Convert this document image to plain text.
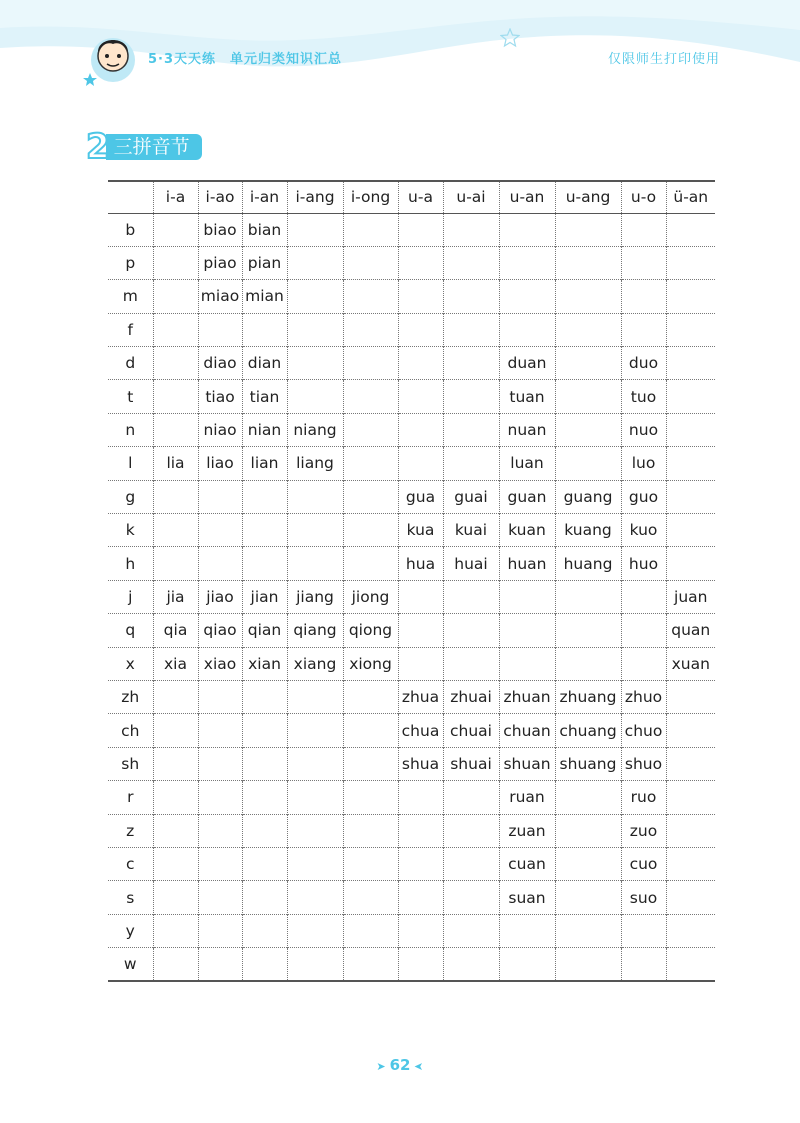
5·3天天练 单元归类知识汇总	仅限师生打印使用
2 三拼音节
	i-a	i-ao	i-an	i-ang	i-ong	u-a	u-ai	u-an	u-ang	u-o	ü-an
b		biao	bian								
p		piao	pian								
m		miao	mian								
f											
d		diao	dian					duan		duo	
t		tiao	tian					tuan		tuo	
n		niao	nian	niang				nuan		nuo	
l	lia	liao	lian	liang				luan		luo	
g						gua	guai	guan	guang	guo	
k						kua	kuai	kuan	kuang	kuo	
h						hua	huai	huan	huang	huo	
j	jia	jiao	jian	jiang	jiong						juan
q	qia	qiao	qian	qiang	qiong						quan
x	xia	xiao	xian	xiang	xiong						xuan
zh						zhua	zhuai	zhuan	zhuang	zhuo	
ch						chua	chuai	chuan	chuang	chuo	
sh						shua	shuai	shuan	shuang	shuo	
r								ruan		ruo	
z								zuan		zuo	
c								cuan		cuo	
s								suan		suo	
y											
w											
➤ 62 ➤
